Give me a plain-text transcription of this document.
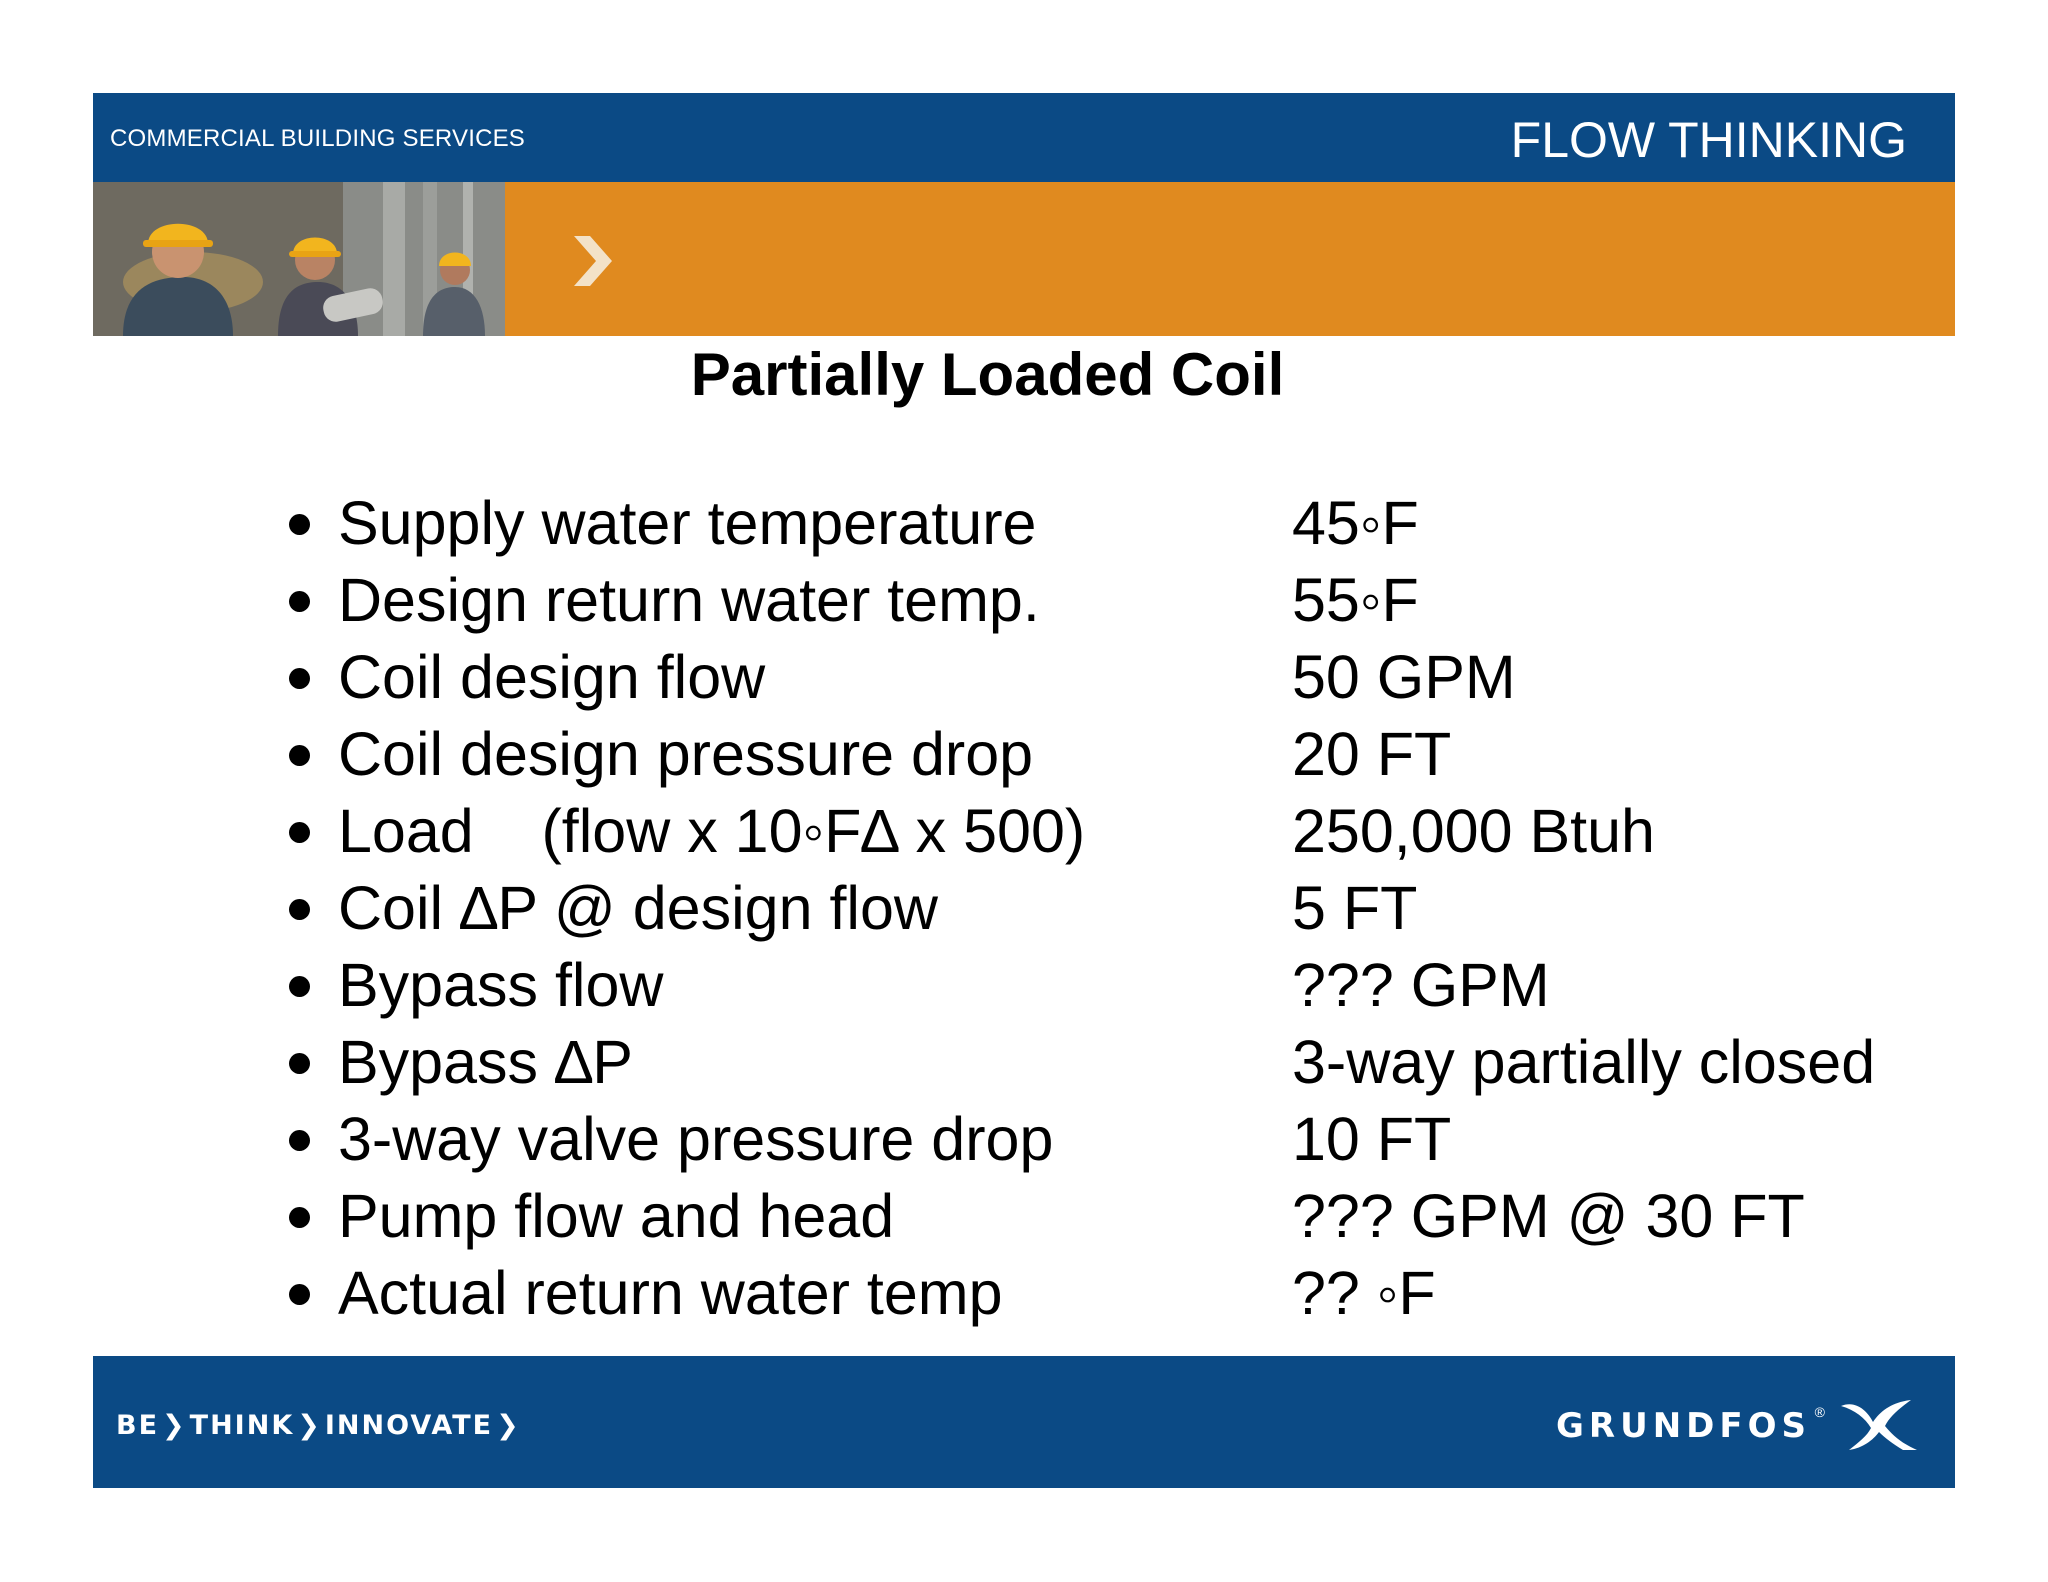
COMMERCIAL BUILDING SERVICES	FLOW THINKING
Partially Loaded Coil
Supply water temperature	45◦F
Design return water temp.	55◦F
Coil design flow	50 GPM
Coil design pressure drop	20 FT
Load    (flow x 10◦F∆ x 500)	250,000 Btuh
Coil ∆P @ design flow	5 FT
Bypass flow	??? GPM
Bypass ∆P	3-way partially closed
3-way valve pressure drop	10 FT
Pump flow and head	??? GPM @ 30 FT
Actual return water temp	?? ◦F
BE ❯ THINK ❯ INNOVATE ❯	GRUNDFOS ®
